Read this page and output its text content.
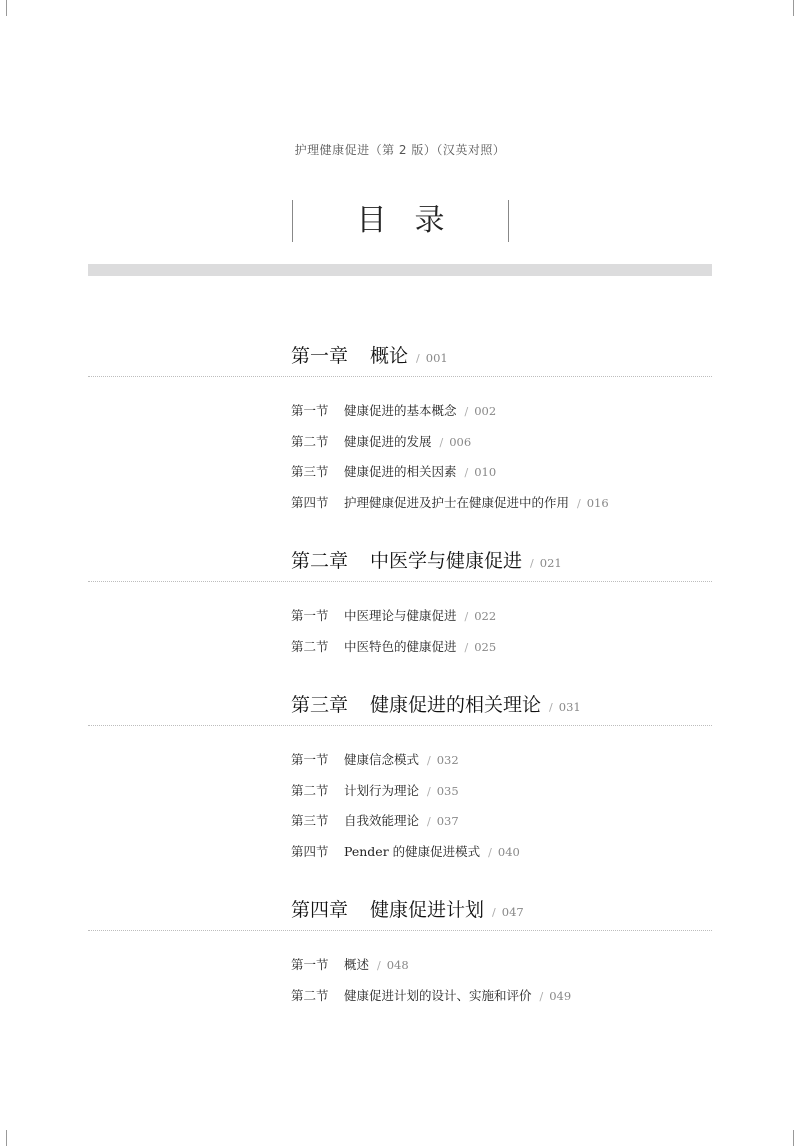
护理健康促进（第 2 版）（汉英对照）
目录
第一章 概论 / 001
第一节 健康促进的基本概念 / 002
第二节 健康促进的发展 / 006
第三节 健康促进的相关因素 / 010
第四节 护理健康促进及护士在健康促进中的作用 / 016
第二章 中医学与健康促进 / 021
第一节 中医理论与健康促进 / 022
第二节 中医特色的健康促进 / 025
第三章 健康促进的相关理论 / 031
第一节 健康信念模式 / 032
第二节 计划行为理论 / 035
第三节 自我效能理论 / 037
第四节 Pender 的健康促进模式 / 040
第四章 健康促进计划 / 047
第一节 概述 / 048
第二节 健康促进计划的设计、实施和评价 / 049
